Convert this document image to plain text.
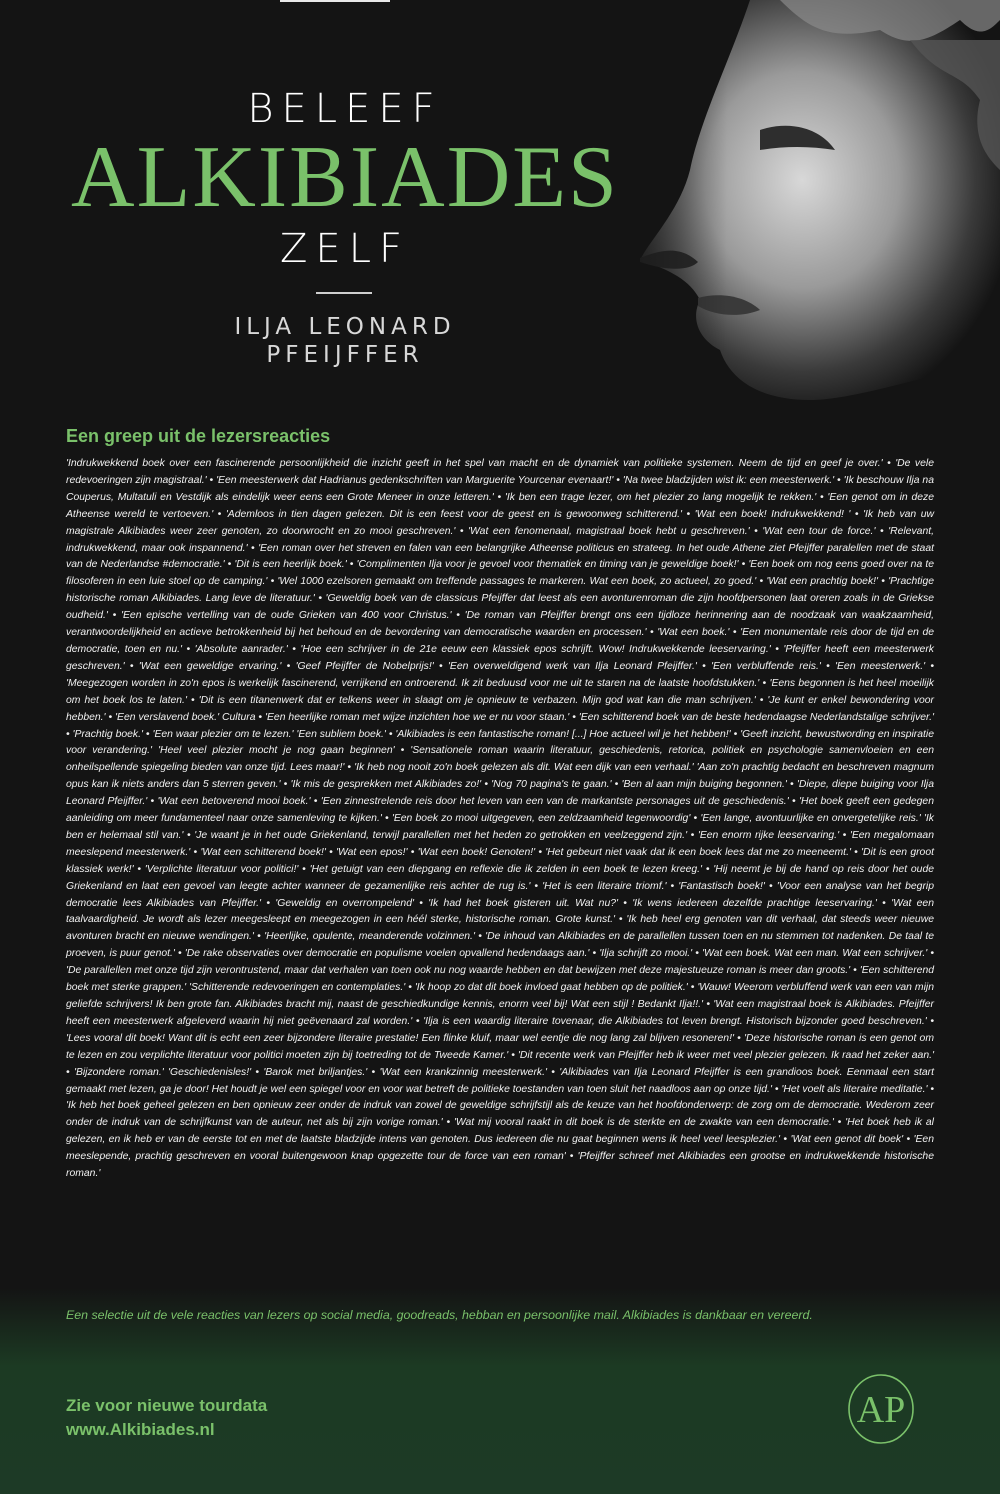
BELEEF
ALKIBIADES
ZELF
ILJA LEONARD
PFEIJFFER
Een greep uit de lezersreacties
'Indrukwekkend boek over een fascinerende persoonlijkheid die inzicht geeft in het spel van macht en de dynamiek van politieke systemen. Neem de tijd en geef je over.' • 'De vele redevoeringen zijn magistraal.' • 'Een meesterwerk dat Hadrianus gedenkschriften van Marguerite Yourcenar evenaart!' • 'Na twee bladzijden wist ik: een meesterwerk.' • 'Ik beschouw Ilja na Couperus, Multatuli en Vestdijk als eindelijk weer eens een Grote Meneer in onze letteren.' • 'Ik ben een trage lezer, om het plezier zo lang mogelijk te rekken.' • 'Een genot om in deze Atheense wereld te vertoeven.' • 'Ademloos in tien dagen gelezen. Dit is een feest voor de geest en is gewoonweg schitterend.' • 'Wat een boek! Indrukwekkend! ' • 'Ik heb van uw magistrale Alkibiades weer zeer genoten, zo doorwrocht en zo mooi geschreven.' • 'Wat een fenomenaal, magistraal boek hebt u geschreven.' • 'Wat een tour de force.' • 'Relevant, indrukwekkend, maar ook inspannend.' • 'Een roman over het streven en falen van een belangrijke Atheense politicus en strateeg. In het oude Athene ziet Pfeijffer paralellen met de staat van de Nederlandse #democratie.' • 'Dit is een heerlijk boek.' • 'Complimenten Ilja voor je gevoel voor thematiek en timing van je geweldige boek!' • 'Een boek om nog eens goed over na te filosoferen in een luie stoel op de camping.' • 'Wel 1000 ezelsoren gemaakt om treffende passages te markeren. Wat een boek, zo actueel, zo goed.' • 'Wat een prachtig boek!' • 'Prachtige historische roman Alkibiades. Lang leve de literatuur.' • 'Geweldig boek van de classicus Pfeijffer dat leest als een avonturenroman die zijn hoofdpersonen laat oreren zoals in de Griekse oudheid.' • 'Een epische vertelling van de oude Grieken van 400 voor Christus.' • 'De roman van Pfeijffer brengt ons een tijdloze herinnering aan de noodzaak van waakzaamheid, verantwoordelijkheid en actieve betrokkenheid bij het behoud en de bevordering van democratische waarden en processen.' • 'Wat een boek.' • 'Een monumentale reis door de tijd en de democratie, toen en nu.' • 'Absolute aanrader.' • 'Hoe een schrijver in de 21e eeuw een klassiek epos schrijft. Wow! Indrukwekkende leeservaring.' • 'Pfeijffer heeft een meesterwerk geschreven.' • 'Wat een geweldige ervaring.' • 'Geef Pfeijffer de Nobelprijs!' • 'Een overweldigend werk van Ilja Leonard Pfeijffer.' • 'Een verbluffende reis.' • 'Een meesterwerk.' • 'Meegezogen worden in zo'n epos is werkelijk fascinerend, verrijkend en ontroerend. Ik zit beduusd voor me uit te staren na de laatste hoofdstukken.' • 'Eens begonnen is het heel moeilijk om het boek los te laten.' • 'Dit is een titanenwerk dat er telkens weer in slaagt om je opnieuw te verbazen. Mijn god wat kan die man schrijven.' • 'Je kunt er enkel bewondering voor hebben.' • 'Een verslavend boek.' Cultura • 'Een heerlijke roman met wijze inzichten hoe we er nu voor staan.' • 'Een schitterend boek van de beste hedendaagse Nederlandstalige schrijver.' • 'Prachtig boek.' • 'Een waar plezier om te lezen.' 'Een subliem boek.' • 'Alkibiades is een fantastische roman! [...] Hoe actueel wil je het hebben!' • 'Geeft inzicht, bewustwording en inspiratie voor verandering.' 'Heel veel plezier mocht je nog gaan beginnen' • 'Sensationele roman waarin literatuur, geschiedenis, retorica, politiek en psychologie samenvloeien en een onheilspellende spiegeling bieden van onze tijd. Lees maar!' • 'Ik heb nog nooit zo'n boek gelezen als dit. Wat een dijk van een verhaal.' 'Aan zo'n prachtig bedacht en beschreven magnum opus kan ik niets anders dan 5 sterren geven.' • 'Ik mis de gesprekken met Alkibiades zo!' • 'Nog 70 pagina's te gaan.' • 'Ben al aan mijn buiging begonnen.' • 'Diepe, diepe buiging voor Ilja Leonard Pfeijffer.' • 'Wat een betoverend mooi boek.' • 'Een zinnestrelende reis door het leven van een van de markantste personages uit de geschiedenis.' • 'Het boek geeft een gedegen aanleiding om meer fundamenteel naar onze samenleving te kijken.' • 'Een boek zo mooi uitgegeven, een zeldzaamheid tegenwoordig' • 'Een lange, avontuurlijke en onvergetelijke reis.' 'Ik ben er helemaal stil van.' • 'Je waant je in het oude Griekenland, terwijl parallellen met het heden zo getrokken en veelzeggend zijn.' • 'Een enorm rijke leeservaring.' • 'Een megalomaan meeslepend meesterwerk.' • 'Wat een schitterend boek!' • 'Wat een epos!' • 'Wat een boek! Genoten!' • 'Het gebeurt niet vaak dat ik een boek lees dat me zo meeneemt.' • 'Dit is een groot klassiek werk!' • 'Verplichte literatuur voor politici!' • 'Het getuigt van een diepgang en reflexie die ik zelden in een boek te lezen kreeg.' • 'Hij neemt je bij de hand op reis door het oude Griekenland en laat een gevoel van leegte achter wanneer de gezamenlijke reis achter de rug is.' • 'Het is een literaire triomf.' • 'Fantastisch boek!' • 'Voor een analyse van het begrip democratie lees Alkibiades van Pfeijffer.' • 'Geweldig en overrompelend' • 'Ik had het boek gisteren uit. Wat nu?' • 'Ik wens iedereen dezelfde prachtige leeservaring.' • 'Wat een taalvaardigheid. Je wordt als lezer meegesleept en meegezogen in een héél sterke, historische roman. Grote kunst.' • 'Ik heb heel erg genoten van dit verhaal, dat steeds weer nieuwe avonturen bracht en nieuwe wendingen.' • 'Heerlijke, opulente, meanderende volzinnen.' • 'De inhoud van Alkibiades en de parallellen tussen toen en nu stemmen tot nadenken. De taal te proeven, is puur genot.' • 'De rake observaties over democratie en populisme voelen opvallend hedendaags aan.' • 'Ilja schrijft zo mooi.' • 'Wat een boek. Wat een man. Wat een schrijver.' • 'De parallellen met onze tijd zijn verontrustend, maar dat verhalen van toen ook nu nog waarde hebben en dat bewijzen met deze majestueuze roman is meer dan groots.' • 'Een schitterend boek met sterke grappen.' 'Schitterende redevoeringen en contemplaties.' • 'Ik hoop zo dat dit boek invloed gaat hebben op de politiek.' • 'Wauw! Weerom verbluffend werk van een van mijn geliefde schrijvers! Ik ben grote fan. Alkibiades bracht mij, naast de geschiedkundige kennis, enorm veel bij! Wat een stijl ! Bedankt Ilja!!.' • 'Wat een magistraal boek is Alkibiades. Pfeijffer heeft een meesterwerk afgeleverd waarin hij niet geëvenaard zal worden.' • 'Ilja is een waardig literaire tovenaar, die Alkibiades tot leven brengt. Historisch bijzonder goed beschreven.' • 'Lees vooral dit boek! Want dit is echt een zeer bijzondere literaire prestatie! Een flinke kluif, maar wel eentje die nog lang zal blijven resoneren!' • 'Deze historische roman is een genot om te lezen en zou verplichte literatuur voor politici moeten zijn bij toetreding tot de Tweede Kamer.' • 'Dit recente werk van Pfeijffer heb ik weer met veel plezier gelezen. Ik raad het zeker aan.' • 'Bijzondere roman.' 'Geschiedenisles!' • 'Barok met briljantjes.' • 'Wat een krankzinnig meesterwerk.' • 'Alkibiades van Ilja Leonard Pfeijffer is een grandioos boek. Eenmaal een start gemaakt met lezen, ga je door! Het houdt je wel een spiegel voor en voor wat betreft de politieke toestanden van toen sluit het naadloos aan op onze tijd.' • 'Het voelt als literaire meditatie.' • 'Ik heb het boek geheel gelezen en ben opnieuw zeer onder de indruk van zowel de geweldige schrijfstijl als de keuze van het hoofdonderwerp: de zorg om de democratie. Wederom zeer onder de indruk van de schrijfkunst van de auteur, net als bij zijn vorige roman.' • 'Wat mij vooral raakt in dit boek is de sterkte en de zwakte van een democratie.' • 'Het boek heb ik al gelezen, en ik heb er van de eerste tot en met de laatste bladzijde intens van genoten. Dus iedereen die nu gaat beginnen wens ik heel veel leesplezier.' • 'Wat een genot dit boek' • 'Een meeslepende, prachtig geschreven en vooral buitengewoon knap opgezette tour de force van een roman' • 'Pfeijffer schreef met Alkibiades een grootse en indrukwekkende historische roman.'
Een selectie uit de vele reacties van lezers op social media, goodreads, hebban en persoonlijke mail. Alkibiades is dankbaar en vereerd.
Zie voor nieuwe tourdata
www.Alkibiades.nl	AP
